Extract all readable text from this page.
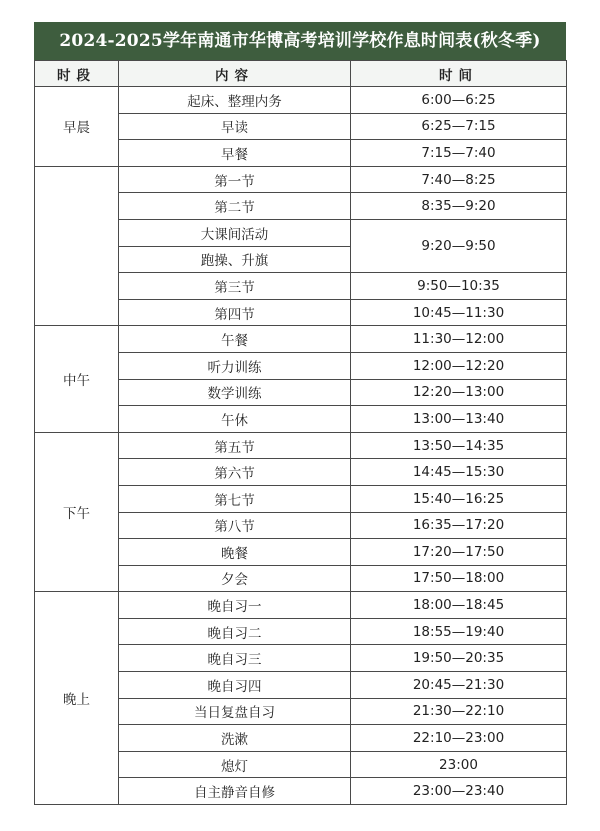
2024-2025学年南通市华博高考培训学校作息时间表(秋冬季)
时段	内容	时间
早晨	起床、整理内务	6:00—6:25
	早读	6:25—7:15
	早餐	7:15—7:40
	第一节	7:40—8:25
	第二节	8:35—9:20
	大课间活动	9:20—9:50
	跑操、升旗	
	第三节	9:50—10:35
	第四节	10:45—11:30
中午	午餐	11:30—12:00
	听力训练	12:00—12:20
	数学训练	12:20—13:00
	午休	13:00—13:40
下午	第五节	13:50—14:35
	第六节	14:45—15:30
	第七节	15:40—16:25
	第八节	16:35—17:20
	晚餐	17:20—17:50
	夕会	17:50—18:00
晚上	晚自习一	18:00—18:45
	晚自习二	18:55—19:40
	晚自习三	19:50—20:35
	晚自习四	20:45—21:30
	当日复盘自习	21:30—22:10
	洗漱	22:10—23:00
	熄灯	23:00
	自主静音自修	23:00—23:40
